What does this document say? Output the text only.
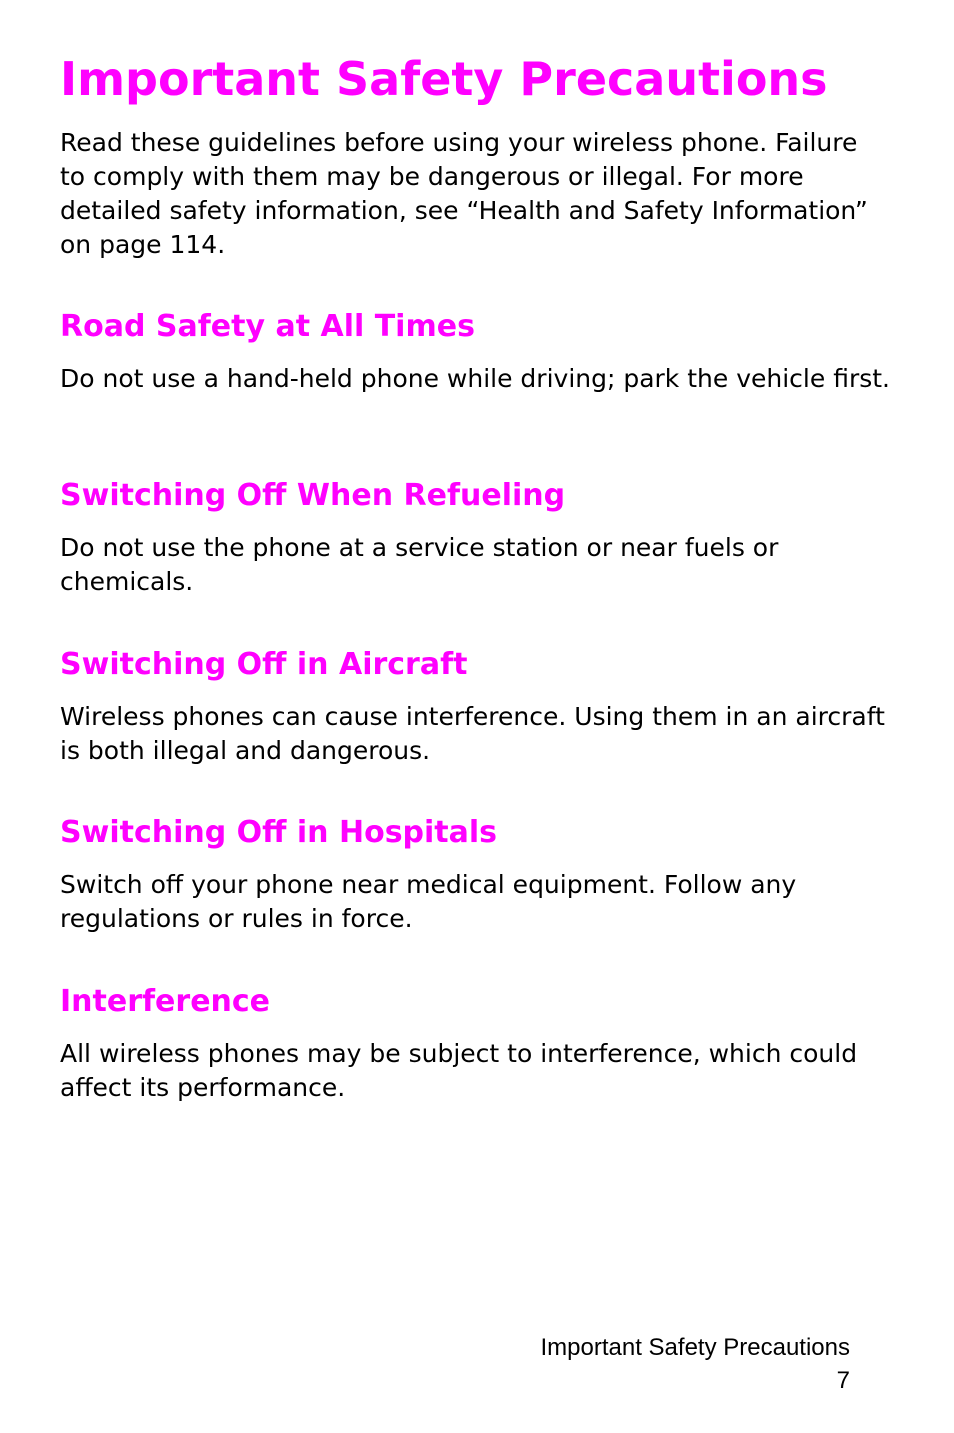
Important Safety Precautions

Read these guidelines before using your wireless phone. Failure to comply with them may be dangerous or illegal. For more detailed safety information, see “Health and Safety Information” on page 114.

Road Safety at All Times

Do not use a hand-held phone while driving; park the vehicle first.

Switching Off When Refueling

Do not use the phone at a service station or near fuels or chemicals.

Switching Off in Aircraft

Wireless phones can cause interference. Using them in an aircraft is both illegal and dangerous.

Switching Off in Hospitals

Switch off your phone near medical equipment. Follow any regulations or rules in force.

Interference

All wireless phones may be subject to interference, which could affect its performance.

Important Safety Precautions
7
